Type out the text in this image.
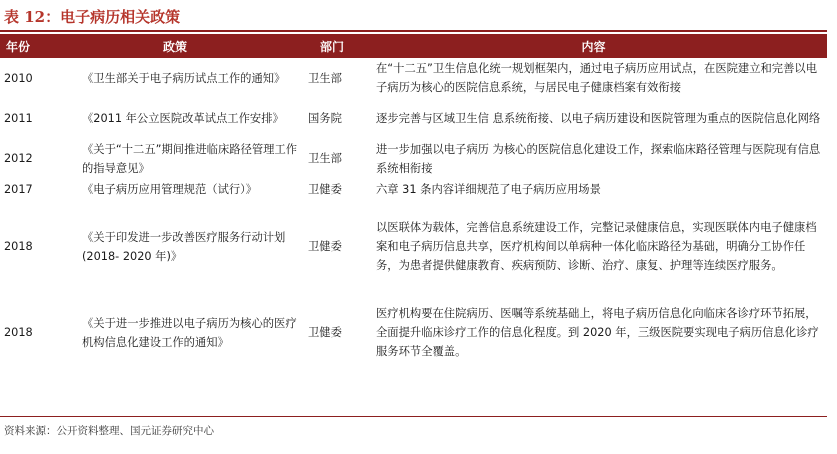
表 12：电子病历相关政策
年份	政策	部门	内容
2010	《卫生部关于电子病历试点工作的通知》	卫生部	在“十二五”卫生信息化统一规划框架内，通过电子病历应用试点，在医院建立和完善以电子病历为核心的医院信息系统，与居民电子健康档案有效衔接
2011	《2011 年公立医院改革试点工作安排》	国务院	逐步完善与区域卫生信 息系统衔接、以电子病历建设和医院管理为重点的医院信息化网络
2012	《关于“十二五”期间推进临床路径管理工作的指导意见》	卫生部	进一步加强以电子病历 为核心的医院信息化建设工作，探索临床路径管理与医院现有信息系统相衔接
2017	《电子病历应用管理规范（试行）》	卫健委	六章 31 条内容详细规范了电子病历应用场景
2018	《关于印发进一步改善医疗服务行动计划(2018- 2020 年)》	卫健委	以医联体为载体，完善信息系统建设工作，完整记录健康信息，实现医联体内电子健康档案和电子病历信息共享，医疗机构间以单病种一体化临床路径为基础，明确分工协作任务，为患者提供健康教育、疾病预防、诊断、治疗、康复、护理等连续医疗服务。
2018	《关于进一步推进以电子病历为核心的医疗机构信息化建设工作的通知》	卫健委	医疗机构要在住院病历、医嘱等系统基础上，将电子病历信息化向临床各诊疗环节拓展，全面提升临床诊疗工作的信息化程度。到 2020 年，三级医院要实现电子病历信息化诊疗服务环节全覆盖。
资料来源：公开资料整理、国元证券研究中心
